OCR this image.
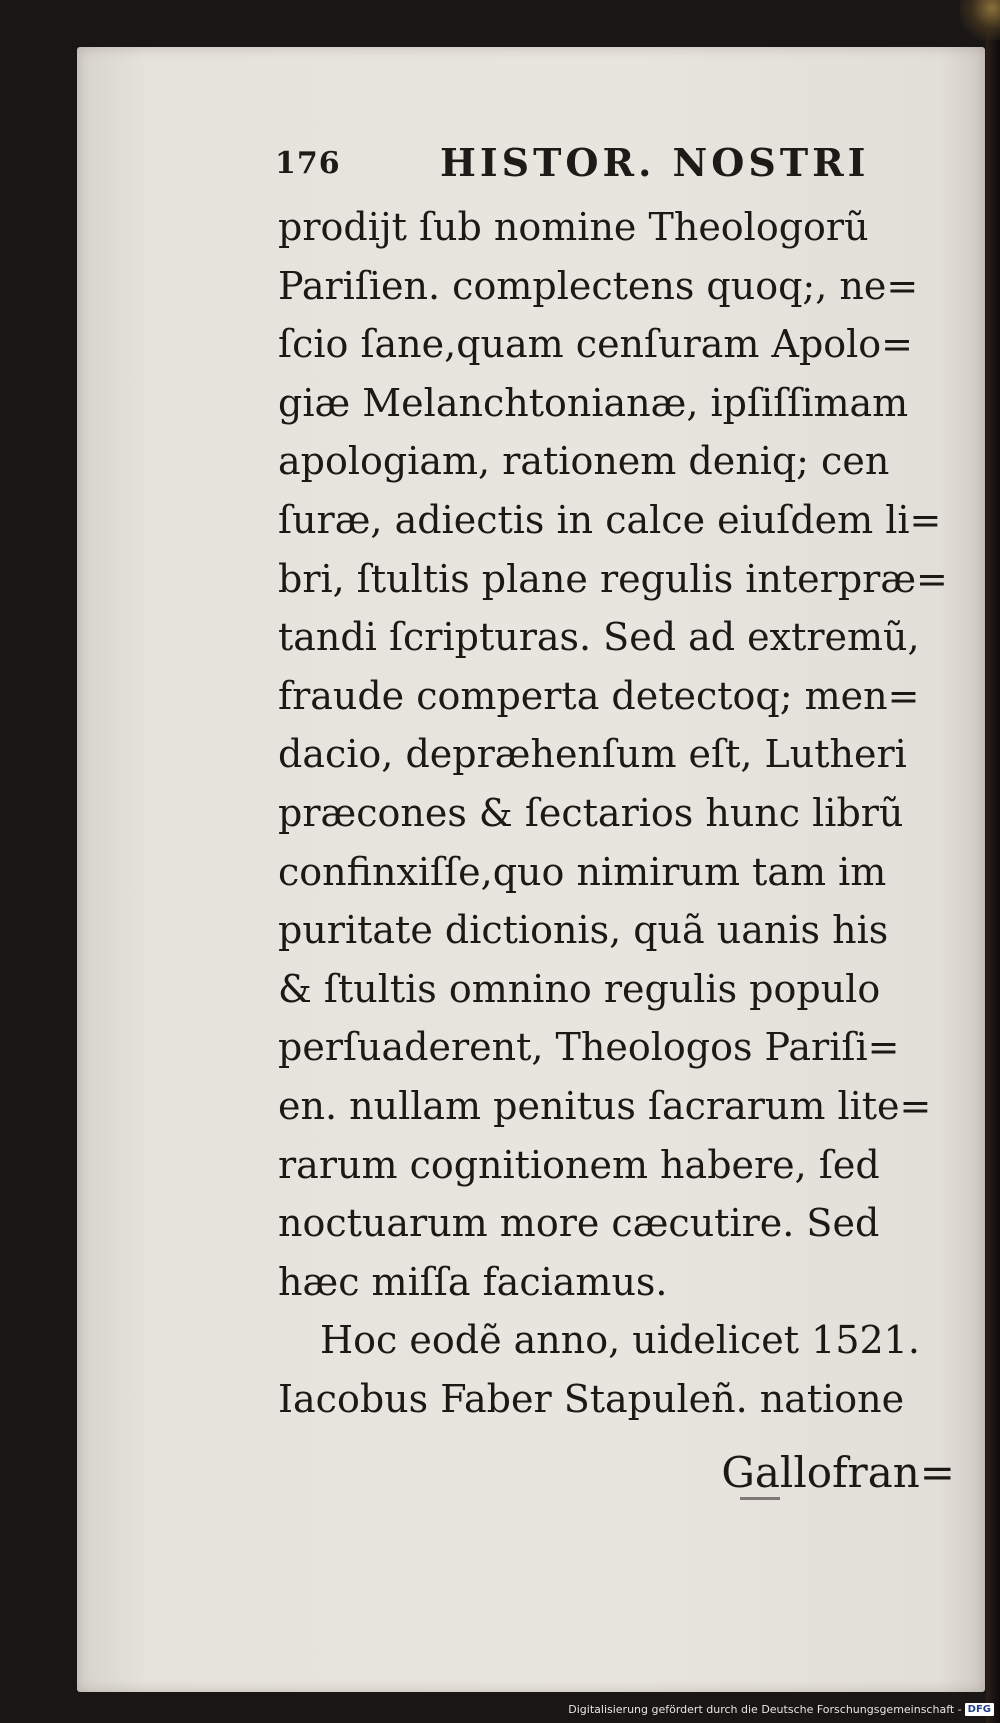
176	HISTOR. NOSTRI
prodijt ſub nomine Theologorũ
Pariſien. complectens quoq;, ne=
ſcio ſane,quam cenſuram Apolo=
giæ Melanchtonianæ, ipſiſſimam
apologiam, rationem deniq; cen
ſuræ, adiectis in calce eiuſdem li=
bri, ſtultis plane regulis interpræ=
tandi ſcripturas. Sed ad extremũ,
fraude comperta detectoq; men=
dacio, depræhenſum eſt, Lutheri
præcones & ſectarios hunc librũ
confinxiſſe,quo nimirum tam im
puritate dictionis, quã uanis his
& ſtultis omnino regulis populo
perſuaderent, Theologos Pariſi=
en. nullam penitus ſacrarum lite=
rarum cognitionem habere, ſed
noctuarum more cæcutire. Sed
hæc miſſa faciamus.
Hoc eodẽ anno, uidelicet 1521.
Iacobus Faber Stapuleñ. natione
Gallofran=
Digitalisierung gefördert durch die Deutsche Forschungsgemeinschaft - DFG
